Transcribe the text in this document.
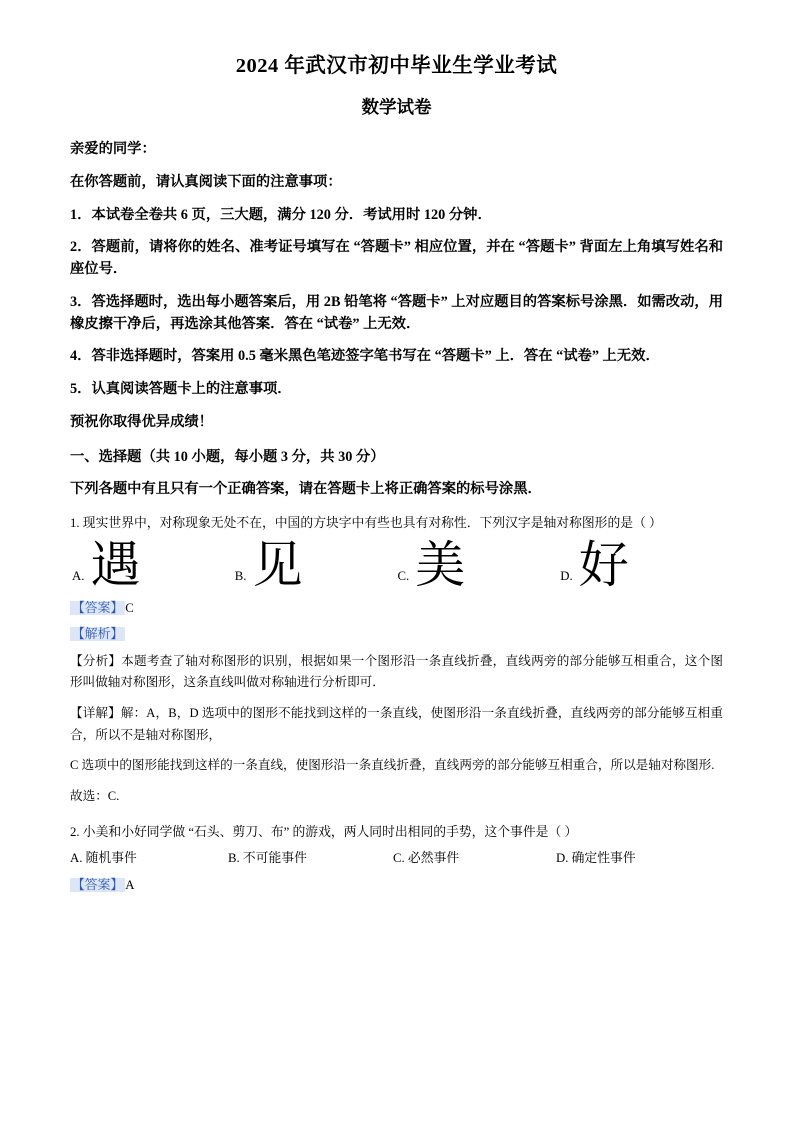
2024 年武汉市初中毕业生学业考试
数学试卷

亲爱的同学：

在你答题前，请认真阅读下面的注意事项：

1．本试卷全卷共 6 页，三大题，满分 120 分．考试用时 120 分钟．

2．答题前，请将你的姓名、准考证号填写在 “答题卡” 相应位置，并在 “答题卡” 背面左上角填写姓名和座位号．

3．答选择题时，选出每小题答案后，用 2B 铅笔将 “答题卡” 上对应题目的答案标号涂黑．如需改动，用橡皮擦干净后，再选涂其他答案．答在 “试卷” 上无效．

4．答非选择题时，答案用 0.5 毫米黑色笔迹签字笔书写在 “答题卡” 上．答在 “试卷” 上无效．

5．认真阅读答题卡上的注意事项．

预祝你取得优异成绩！

一、选择题（共 10 小题，每小题 3 分，共 30 分）
下列各题中有且只有一个正确答案，请在答题卡上将正确答案的标号涂黑．

1. 现实世界中，对称现象无处不在，中国的方块字中有些也具有对称性．下列汉字是轴对称图形的是（ ）

A. 遇	B. 见	C. 美	D. 好

【答案】 C

【解析】

【分析】本题考查了轴对称图形的识别，根据如果一个图形沿一条直线折叠，直线两旁的部分能够互相重合，这个图形叫做轴对称图形，这条直线叫做对称轴进行分析即可．

【详解】解：A，B，D 选项中的图形不能找到这样的一条直线，使图形沿一条直线折叠，直线两旁的部分能够互相重合，所以不是轴对称图形，

C 选项中的图形能找到这样的一条直线，使图形沿一条直线折叠，直线两旁的部分能够互相重合，所以是轴对称图形.

故选：C.

2. 小美和小好同学做 “石头、剪刀、布” 的游戏，两人同时出相同的手势，这个事件是（ ）

A. 随机事件	B. 不可能事件	C. 必然事件	D. 确定性事件

【答案】 A
